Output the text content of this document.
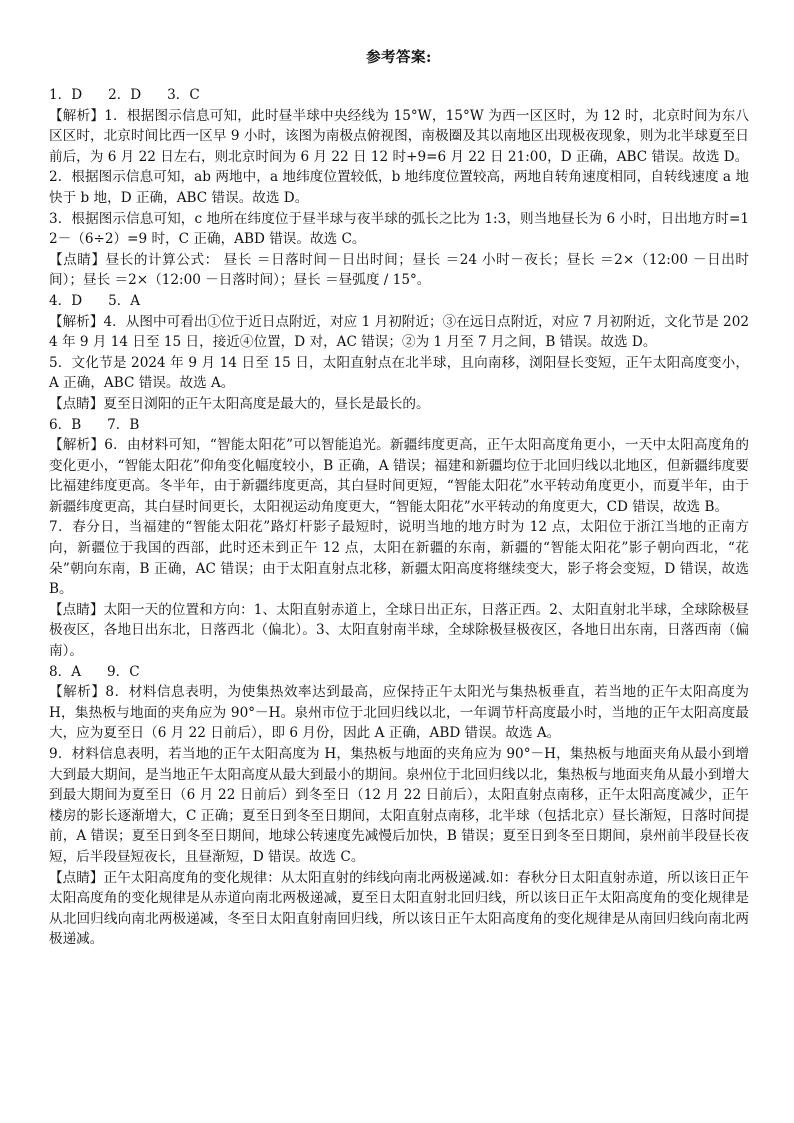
参考答案:

1．D      2．D      3．C

【解析】1．根据图示信息可知，此时昼半球中央经线为 15°W，15°W 为西一区区时，为 12 时，北京时间为东八区区时，北京时间比西一区早 9 小时，该图为南极点俯视图，南极圈及其以南地区出现极夜现象，则为北半球夏至日前后，为 6 月 22 日左右，则北京时间为 6 月 22 日 12 时+9=6 月 22 日 21:00，D 正确，ABC 错误。故选 D。

2．根据图示信息可知，ab 两地中，a 地纬度位置较低，b 地纬度位置较高，两地自转角速度相同，自转线速度 a 地快于 b 地，D 正确，ABC 错误。故选 D。

3．根据图示信息可知，c 地所在纬度位于昼半球与夜半球的弧长之比为 1:3，则当地昼长为 6 小时，日出地方时=12－（6÷2）=9 时，C 正确，ABD 错误。故选 C。

【点睛】昼长的计算公式： 昼长 ＝日落时间－日出时间；昼长 ＝24 小时－夜长；昼长 ＝2×（12:00 －日出时间）；昼长 ＝2×（12:00 －日落时间）；昼长 ＝昼弧度 / 15°。

4．D      5．A

【解析】4．从图中可看出①位于近日点附近，对应 1 月初附近；③在远日点附近，对应 7 月初附近，文化节是 2024 年 9 月 14 日至 15 日，接近④位置，D 对，AC 错误；②为 1 月至 7 月之间，B 错误。故选 D。

5．文化节是 2024 年 9 月 14 日至 15 日，太阳直射点在北半球，且向南移，浏阳昼长变短，正午太阳高度变小，A 正确，ABC 错误。故选 A。

【点睛】夏至日浏阳的正午太阳高度是最大的，昼长是最长的。

6．B      7．B

【解析】6．由材料可知，“智能太阳花”可以智能追光。新疆纬度更高，正午太阳高度角更小，一天中太阳高度角的变化更小，“智能太阳花”仰角变化幅度较小，B 正确，A 错误；福建和新疆均位于北回归线以北地区，但新疆纬度要比福建纬度更高。冬半年，由于新疆纬度更高，其白昼时间更短，“智能太阳花”水平转动角度更小，而夏半年，由于新疆纬度更高，其白昼时间更长，太阳视运动角度更大，“智能太阳花”水平转动的角度更大，CD 错误，故选 B。

7．春分日，当福建的“智能太阳花”路灯杆影子最短时，说明当地的地方时为 12 点，太阳位于浙江当地的正南方向，新疆位于我国的西部，此时还未到正午 12 点，太阳在新疆的东南，新疆的“智能太阳花”影子朝向西北，“花朵”朝向东南，B 正确，AC 错误；由于太阳直射点北移，新疆太阳高度将继续变大，影子将会变短，D 错误，故选 B。

【点睛】太阳一天的位置和方向：1、太阳直射赤道上，全球日出正东，日落正西。2、太阳直射北半球，全球除极昼极夜区，各地日出东北，日落西北（偏北）。3、太阳直射南半球，全球除极昼极夜区，各地日出东南，日落西南（偏南）。

8．A      9．C

【解析】8．材料信息表明，为使集热效率达到最高，应保持正午太阳光与集热板垂直，若当地的正午太阳高度为 H，集热板与地面的夹角应为 90°－H。泉州市位于北回归线以北，一年调节杆高度最小时，当地的正午太阳高度最大，应为夏至日（6 月 22 日前后），即 6 月份，因此 A 正确，ABD 错误。故选 A。

9．材料信息表明，若当地的正午太阳高度为 H，集热板与地面的夹角应为 90°－H，集热板与地面夹角从最小到增大到最大期间，是当地正午太阳高度从最大到最小的期间。泉州位于北回归线以北，集热板与地面夹角从最小到增大到最大期间为夏至日（6 月 22 日前后）到冬至日（12 月 22 日前后），太阳直射点南移，正午太阳高度减少，正午楼房的影长逐渐增大，C 正确；夏至日到冬至日期间，太阳直射点南移，北半球（包括北京）昼长渐短，日落时间提前，A 错误；夏至日到冬至日期间，地球公转速度先减慢后加快，B 错误；夏至日到冬至日期间，泉州前半段昼长夜短，后半段昼短夜长，且昼渐短，D 错误。故选 C。

【点睛】正午太阳高度角的变化规律：从太阳直射的纬线向南北两极递减.如：春秋分日太阳直射赤道，所以该日正午太阳高度角的变化规律是从赤道向南北两极递减，夏至日太阳直射北回归线，所以该日正午太阳高度角的变化规律是从北回归线向南北两极递减，冬至日太阳直射南回归线，所以该日正午太阳高度角的变化规律是从南回归线向南北两极递减。
